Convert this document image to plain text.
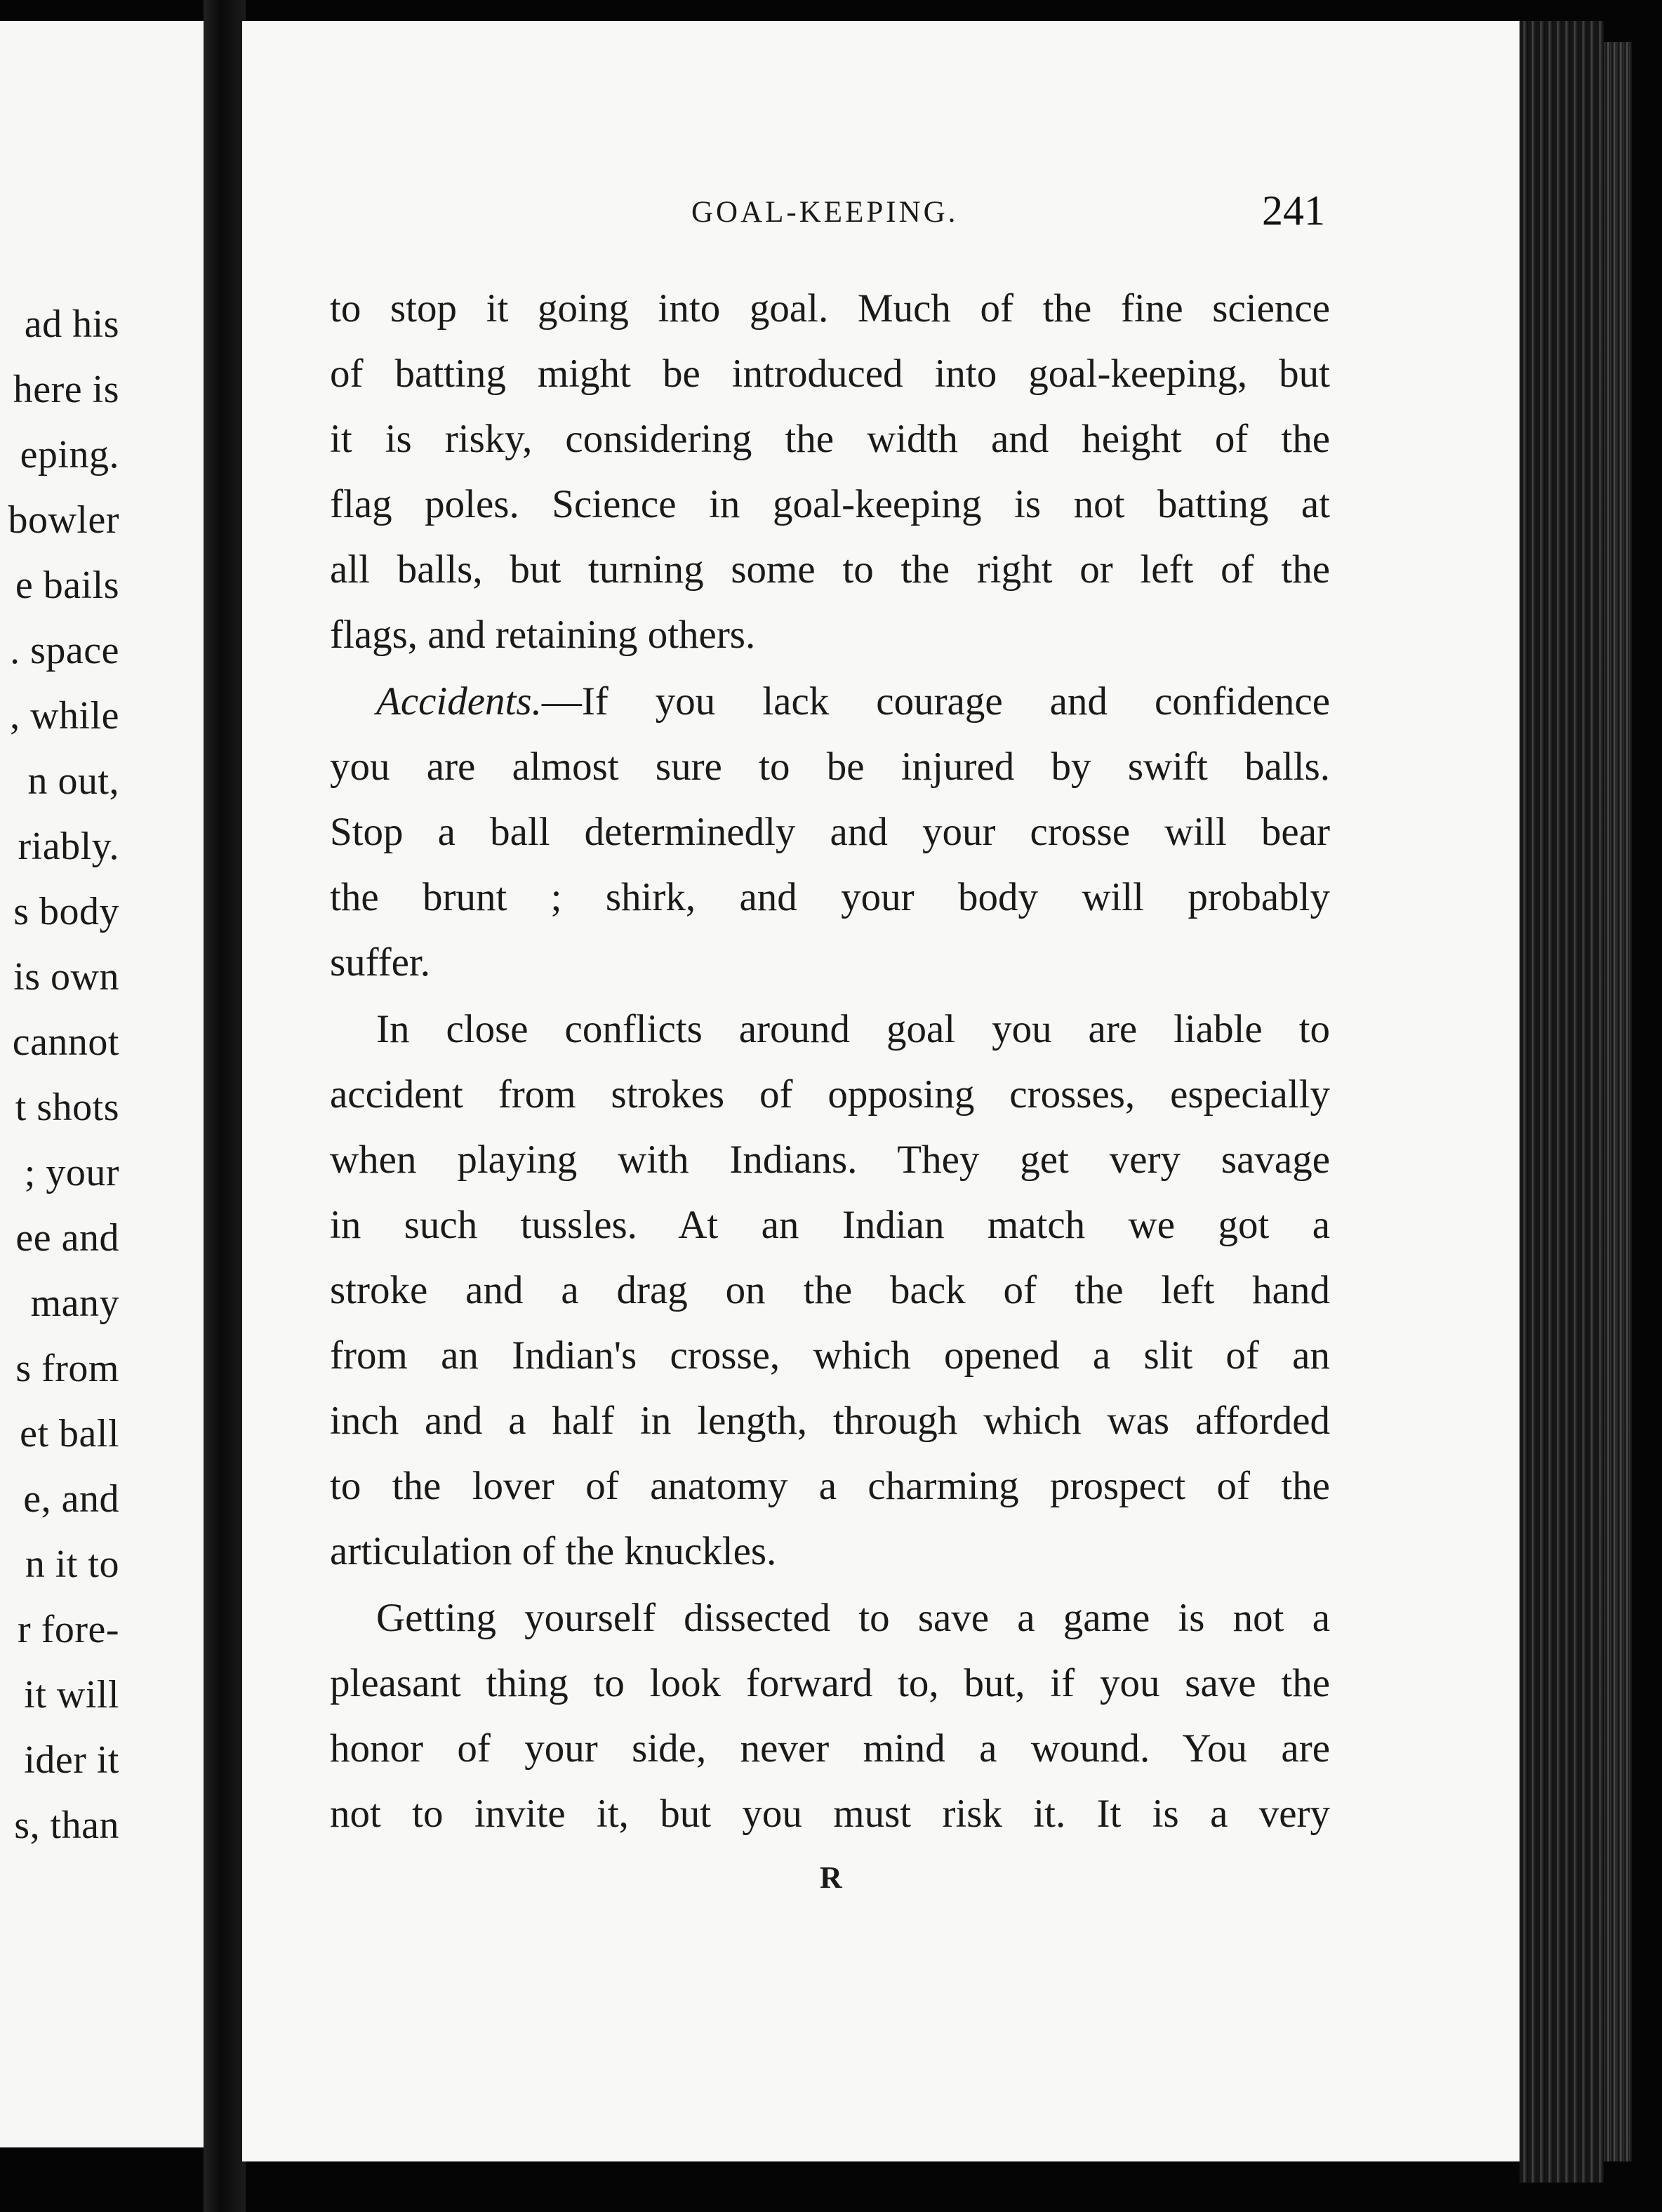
ad his
here is
eping.
bowler
e bails
. space
, while
n out,
riably.
s body
is own
cannot
t shots
; your
ee and
many
s from
et ball
e, and
n it to
r fore-
it will
ider it
s, than
GOAL-KEEPING.	241
to stop it going into goal. Much of the fine science
of batting might be introduced into goal-keeping, but
it is risky, considering the width and height of the
flag poles. Science in goal-keeping is not batting at
all balls, but turning some to the right or left of the
flags, and retaining others.
Accidents.—If you lack courage and confidence
you are almost sure to be injured by swift balls.
Stop a ball determinedly and your crosse will bear
the brunt ; shirk, and your body will probably
suffer.
In close conflicts around goal you are liable to
accident from strokes of opposing crosses, especially
when playing with Indians. They get very savage
in such tussles. At an Indian match we got a
stroke and a drag on the back of the left hand
from an Indian's crosse, which opened a slit of an
inch and a half in length, through which was afforded
to the lover of anatomy a charming prospect of the
articulation of the knuckles.
Getting yourself dissected to save a game is not a
pleasant thing to look forward to, but, if you save the
honor of your side, never mind a wound. You are
not to invite it, but you must risk it. It is a very
R
